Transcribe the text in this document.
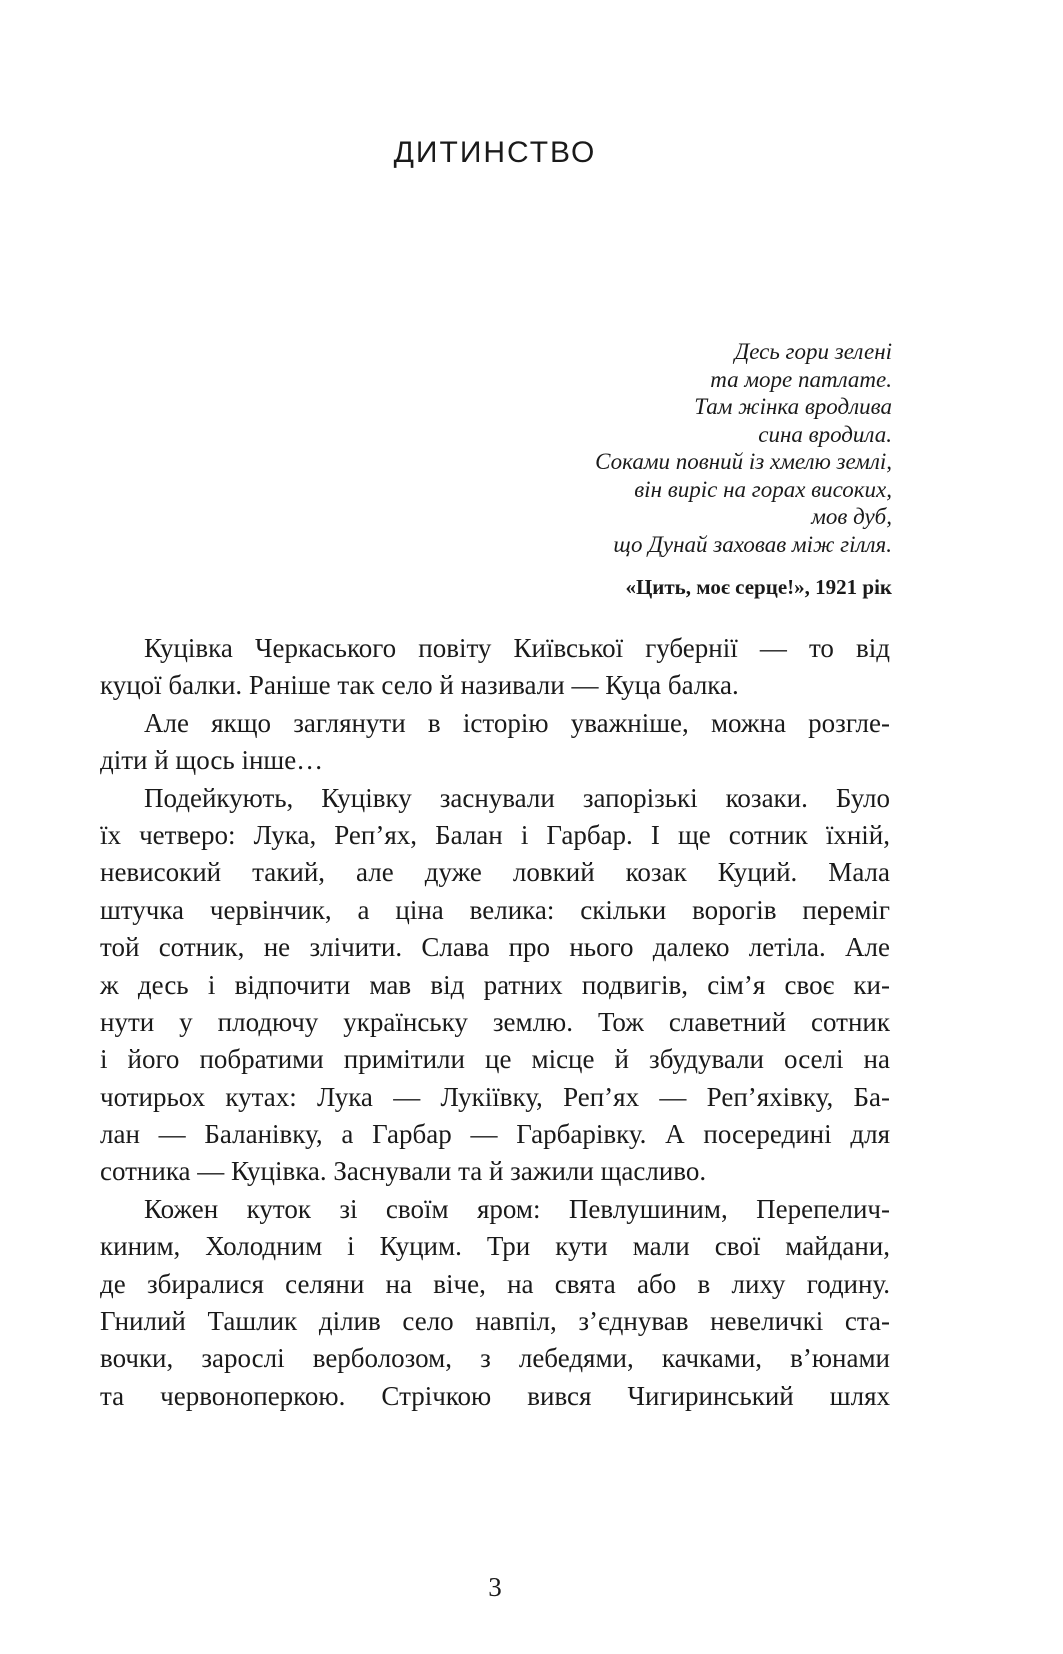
ДИТИНСТВО
Десь гори зелені
та море патлате.
Там жінка вродлива
сина вродила.
Соками повний із хмелю землі,
він виріс на горах високих,
мов дуб,
що Дунай заховав між гілля.
«Цить, моє серце!», 1921 рік
Куцівка Черкаського повіту Київської губернії — то від
куцої балки. Раніше так село й називали — Куца балка.
Але якщо заглянути в історію уважніше, можна розгле-
діти й щось інше…
Подейкують, Куцівку заснували запорізькі козаки. Було
їх четверо: Лука, Реп’ях, Балан і Гарбар. І ще сотник їхній,
невисокий такий, але дуже ловкий козак Куций. Мала
штучка червінчик, а ціна велика: скільки ворогів переміг
той сотник, не злічити. Слава про нього далеко летіла. Але
ж десь і відпочити мав від ратних подвигів, сім’я своє ки-
нути у плодючу українську землю. Тож славетний сотник
і його побратими примітили це місце й збудували оселі на
чотирьох кутах: Лука — Лукіївку, Реп’ях — Реп’яхівку, Ба-
лан — Баланівку, а Гарбар — Гарбарівку. А посередині для
сотника — Куцівка. Заснували та й зажили щасливо.
Кожен куток зі своїм яром: Певлушиним, Перепелич-
киним, Холодним і Куцим. Три кути мали свої майдани,
де збиралися селяни на віче, на свята або в лиху годину.
Гнилий Ташлик ділив село навпіл, з’єднував невеличкі ста-
вочки, зарослі верболозом, з лебедями, качками, в’юнами
та червоноперкою. Стрічкою вився Чигиринський шлях
3
